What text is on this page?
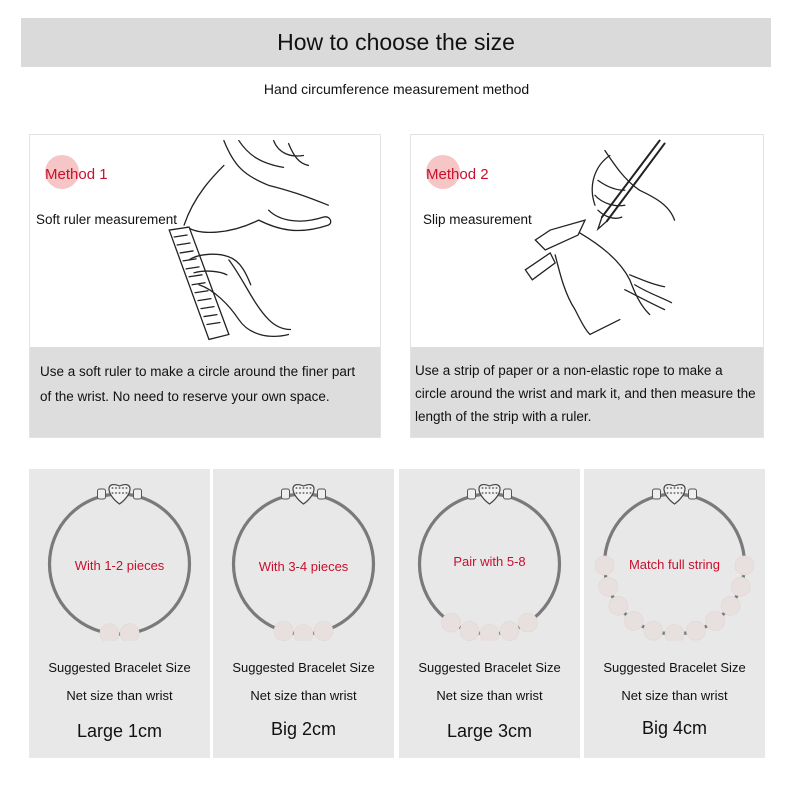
How to choose the size
Hand circumference measurement method
Method 1
Soft ruler measurement
Use a soft ruler to make a circle around the finer part of the wrist. No need to reserve your own space.
Method 2
Slip measurement
Use a strip of paper or a non-elastic rope to make a circle around the wrist and mark it, and then measure the length of the strip with a ruler.
With 1-2 pieces
Suggested Bracelet Size
Net size than wrist
Large 1cm
With 3-4 pieces
Suggested Bracelet Size
Net size than wrist
Big 2cm
Pair with 5-8
Suggested Bracelet Size
Net size than wrist
Large 3cm
Match full string
Suggested Bracelet Size
Net size than wrist
Big 4cm
